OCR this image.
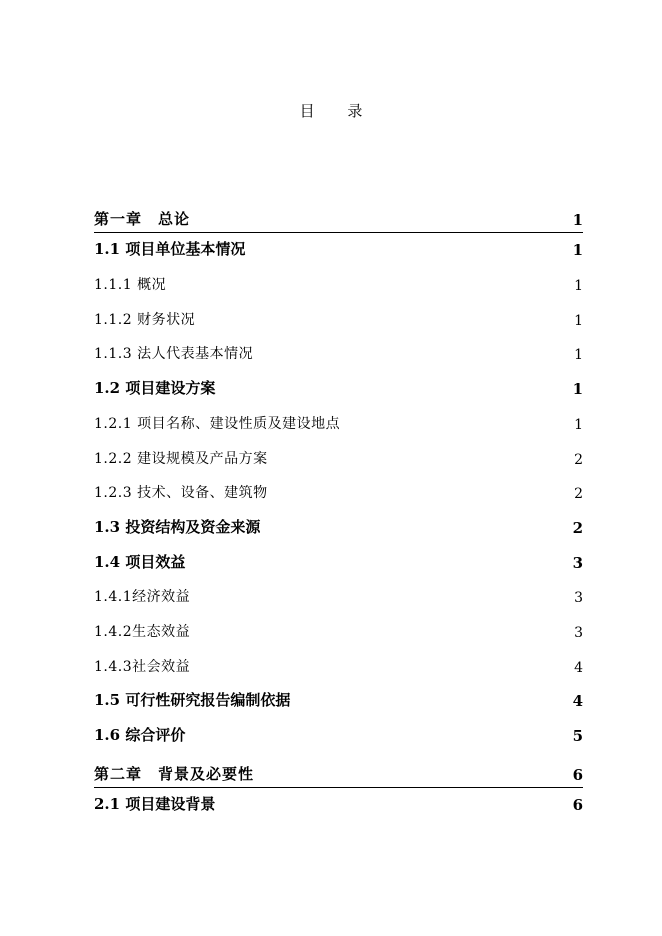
目 录
第一章　总论	1
1.1 项目单位基本情况	1
1.1.1 概况	1
1.1.2 财务状况	1
1.1.3 法人代表基本情况	1
1.2 项目建设方案	1
1.2.1 项目名称、建设性质及建设地点	1
1.2.2 建设规模及产品方案	2
1.2.3 技术、设备、建筑物	2
1.3 投资结构及资金来源	2
1.4 项目效益	3
1.4.1经济效益	3
1.4.2生态效益	3
1.4.3社会效益	4
1.5 可行性研究报告编制依据	4
1.6 综合评价	5
第二章　背景及必要性	6
2.1 项目建设背景	6
